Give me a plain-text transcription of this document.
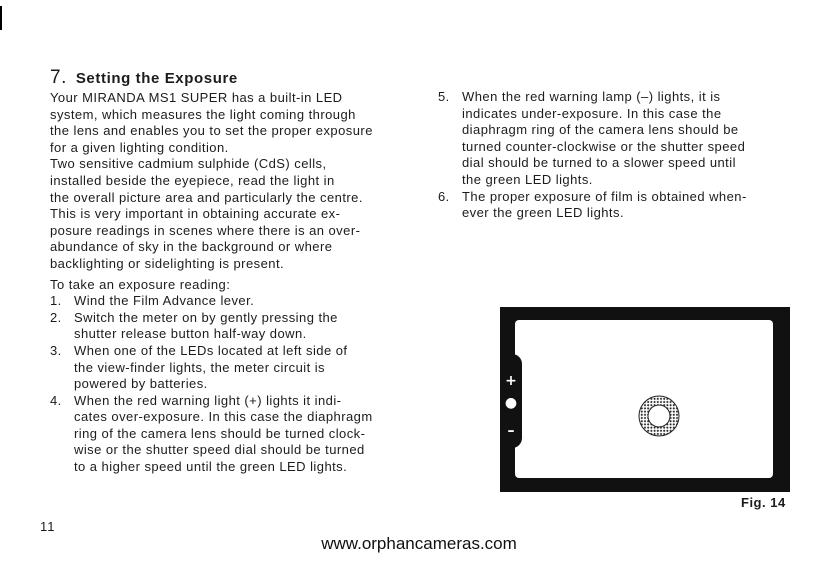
7. Setting the Exposure

Your MIRANDA MS1 SUPER has a built-in LED
system, which measures the light coming through
the lens and enables you to set the proper exposure
for a given lighting condition.

Two sensitive cadmium sulphide (CdS) cells,
installed beside the eyepiece, read the light in
the overall picture area and particularly the centre.
This is very important in obtaining accurate ex-
posure readings in scenes where there is an over-
abundance of sky in the background or where
backlighting or sidelighting is present.

To take an exposure reading:

1. Wind the Film Advance lever.
2. Switch the meter on by gently pressing the
shutter release button half-way down.
3. When one of the LEDs located at left side of
the view-finder lights, the meter circuit is
powered by batteries.
4. When the red warning light (+) lights it indi-
cates over-exposure. In this case the diaphragm
ring of the camera lens should be turned clock-
wise or the shutter speed dial should be turned
to a higher speed until the green LED lights.
5. When the red warning lamp (–) lights, it is
indicates under-exposure. In this case the
diaphragm ring of the camera lens should be
turned counter-clockwise or the shutter speed
dial should be turned to a slower speed until
the green LED lights.
6. The proper exposure of film is obtained when-
ever the green LED lights.
+
●
–
Fig. 14
11
www.orphancameras.com
